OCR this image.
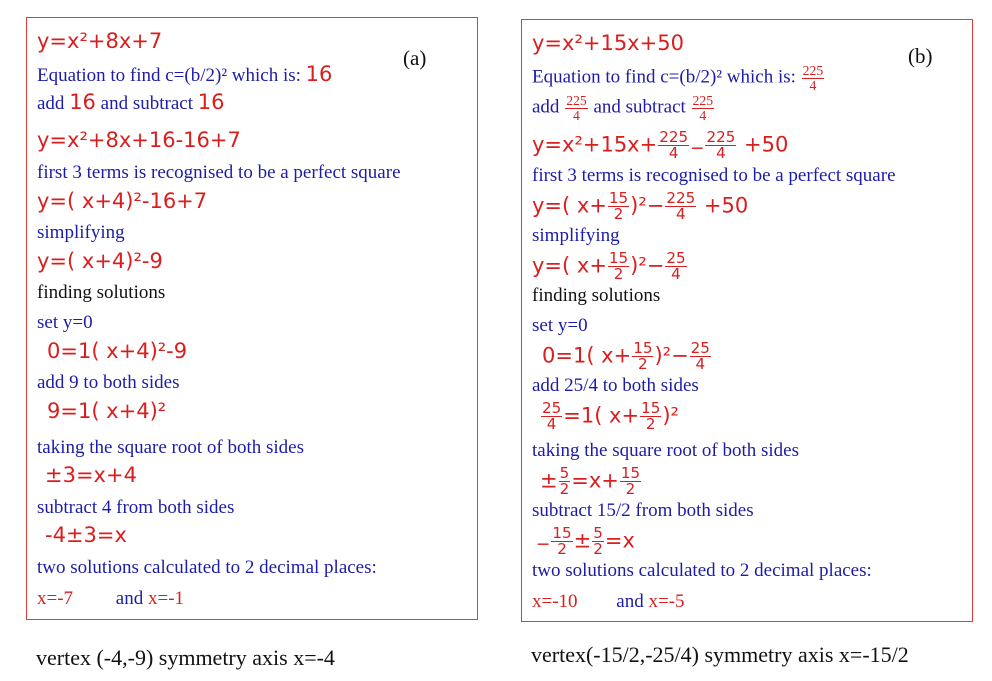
(a)
y=x²+8x+7
Equation to find c=(b/2)² which is: 16
add 16 and subtract 16
y=x²+8x+16-16+7
first 3 terms is recognised to be a perfect square
y=( x+4)²-16+7
simplifying
y=( x+4)²-9
finding solutions
set y=0
0=1( x+4)²-9
add 9 to both sides
9=1( x+4)²
taking the square root of both sides
±3=x+4
subtract 4 from both sides
-4±3=x
two solutions calculated to 2 decimal places:
x=-7 and x=-1
vertex (-4,-9) symmetry axis x=-4
(b)
y=x²+15x+50
Equation to find c=(b/2)² which is: $\frac{225}{4}$
add $\frac{225}{4}$ and subtract $\frac{225}{4}$
$y=x^2+15x+ \frac{225}{4} - \frac{225}{4} +50$
first 3 terms is recognised to be a perfect square
y=( $x+ \frac{15}{2} )^2- \frac{225}{4} +50$
simplifying
y=( $x+ \frac{15}{2} )^2- \frac{25}{4}$
finding solutions
set y=0
0=1( $x+ \frac{15}{2} )^2- \frac{25}{4}$
add 25/4 to both sides
$\frac{25}{4} =1$( $x+ \frac{15}{2} )^2$
taking the square root of both sides
± $\frac{5}{2} =x+ \frac{15}{2}$
subtract 15/2 from both sides
− $\frac{15}{2} \pm \frac{5}{2} =x$
two solutions calculated to 2 decimal places:
x=-10 and x=-5
vertex(-15/2,-25/4) symmetry axis x=-15/2
